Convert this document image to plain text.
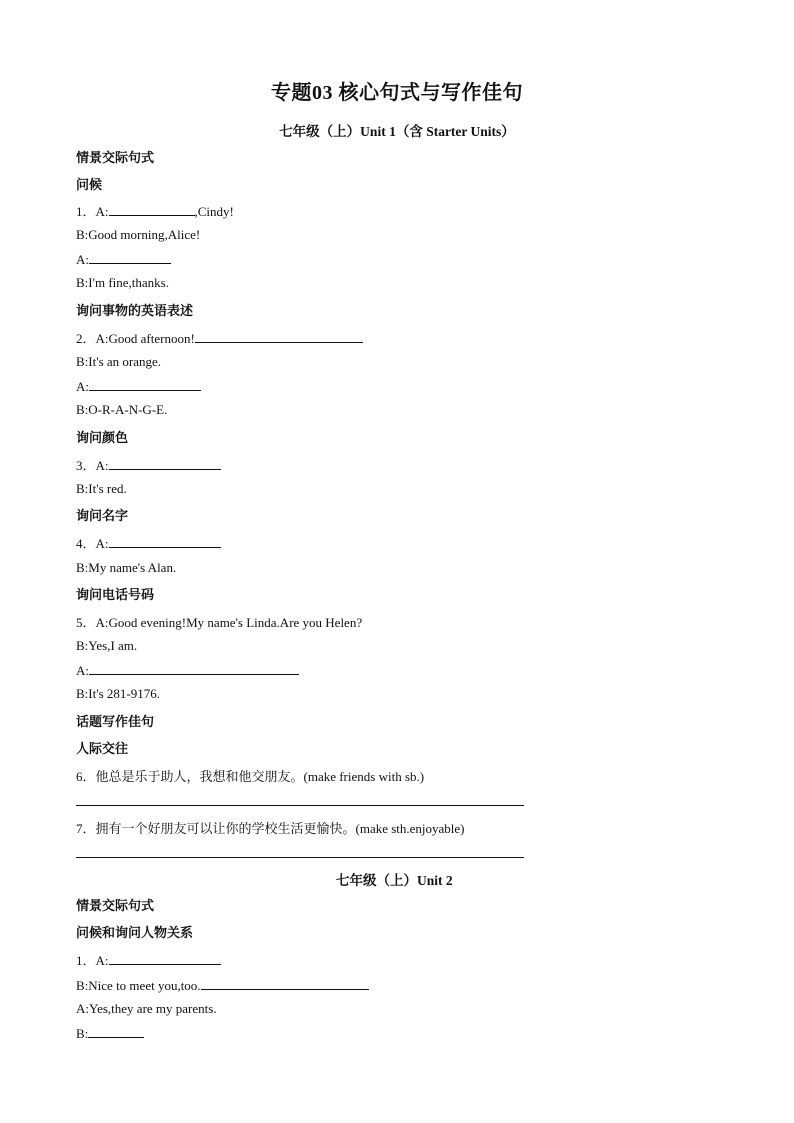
专题03 核心句式与写作佳句
七年级（上）Unit 1（含 Starter Units）
情景交际句式
问候
1．A:	,Cindy!
B:Good morning,Alice!
A:
B:I'm fine,thanks.
询问事物的英语表述
2．A:Good afternoon!
B:It's an orange.
A:
B:O-R-A-N-G-E.
询问颜色
3．A:
B:It's red.
询问名字
4．A:
B:My name's Alan.
询问电话号码
5．A:Good evening!My name's Linda.Are you Helen?
B:Yes,I am.
A:
B:It's 281-9176.
话题写作佳句
人际交往
6．他总是乐于助人，我想和他交朋友。(make friends with sb.)
7．拥有一个好朋友可以让你的学校生活更愉快。(make sth.enjoyable)
七年级（上）Unit 2
情景交际句式
问候和询问人物关系
1．A:
B:Nice to meet you,too.
A:Yes,they are my parents.
B:
